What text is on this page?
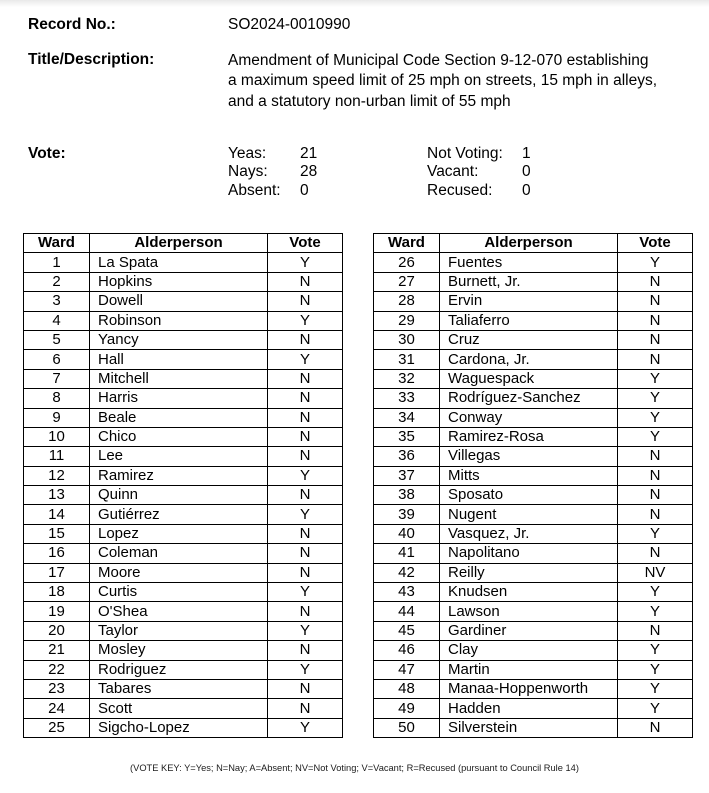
Record No.:	SO2024-0010990
Title/Description:	Amendment of Municipal Code Section 9-12-070 establishing
a maximum speed limit of 25 mph on streets, 15 mph in alleys,
and a statutory non-urban limit of 55 mph
Vote:	Yeas: 21
Nays: 28
Absent: 0
Not Voting: 1
Vacant:	0
Recused: 0
Ward	Alderperson	Vote
1	La Spata	Y
2	Hopkins	N
3	Dowell	N
4	Robinson	Y
5	Yancy	N
6	Hall	Y
7	Mitchell	N
8	Harris	N
9	Beale	N
10	Chico	N
11	Lee	N
12	Ramirez	Y
13	Quinn	N
14	Gutiérrez	Y
15	Lopez	N
16	Coleman	N
17	Moore	N
18	Curtis	Y
19	O'Shea	N
20	Taylor	Y
21	Mosley	N
22	Rodriguez	Y
23	Tabares	N
24	Scott	N
25	Sigcho-Lopez	Y
Ward	Alderperson	Vote
26	Fuentes	Y
27	Burnett, Jr.	N
28	Ervin	N
29	Taliaferro	N
30	Cruz	N
31	Cardona, Jr.	N
32	Waguespack	Y
33	Rodríguez-Sanchez	Y
34	Conway	Y
35	Ramirez-Rosa	Y
36	Villegas	N
37	Mitts	N
38	Sposato	N
39	Nugent	N
40	Vasquez, Jr.	Y
41	Napolitano	N
42	Reilly	NV
43	Knudsen	Y
44	Lawson	Y
45	Gardiner	N
46	Clay	Y
47	Martin	Y
48	Manaa-Hoppenworth	Y
49	Hadden	Y
50	Silverstein	N
(VOTE KEY: Y=Yes; N=Nay; A=Absent; NV=Not Voting; V=Vacant; R=Recused (pursuant to Council Rule 14)
